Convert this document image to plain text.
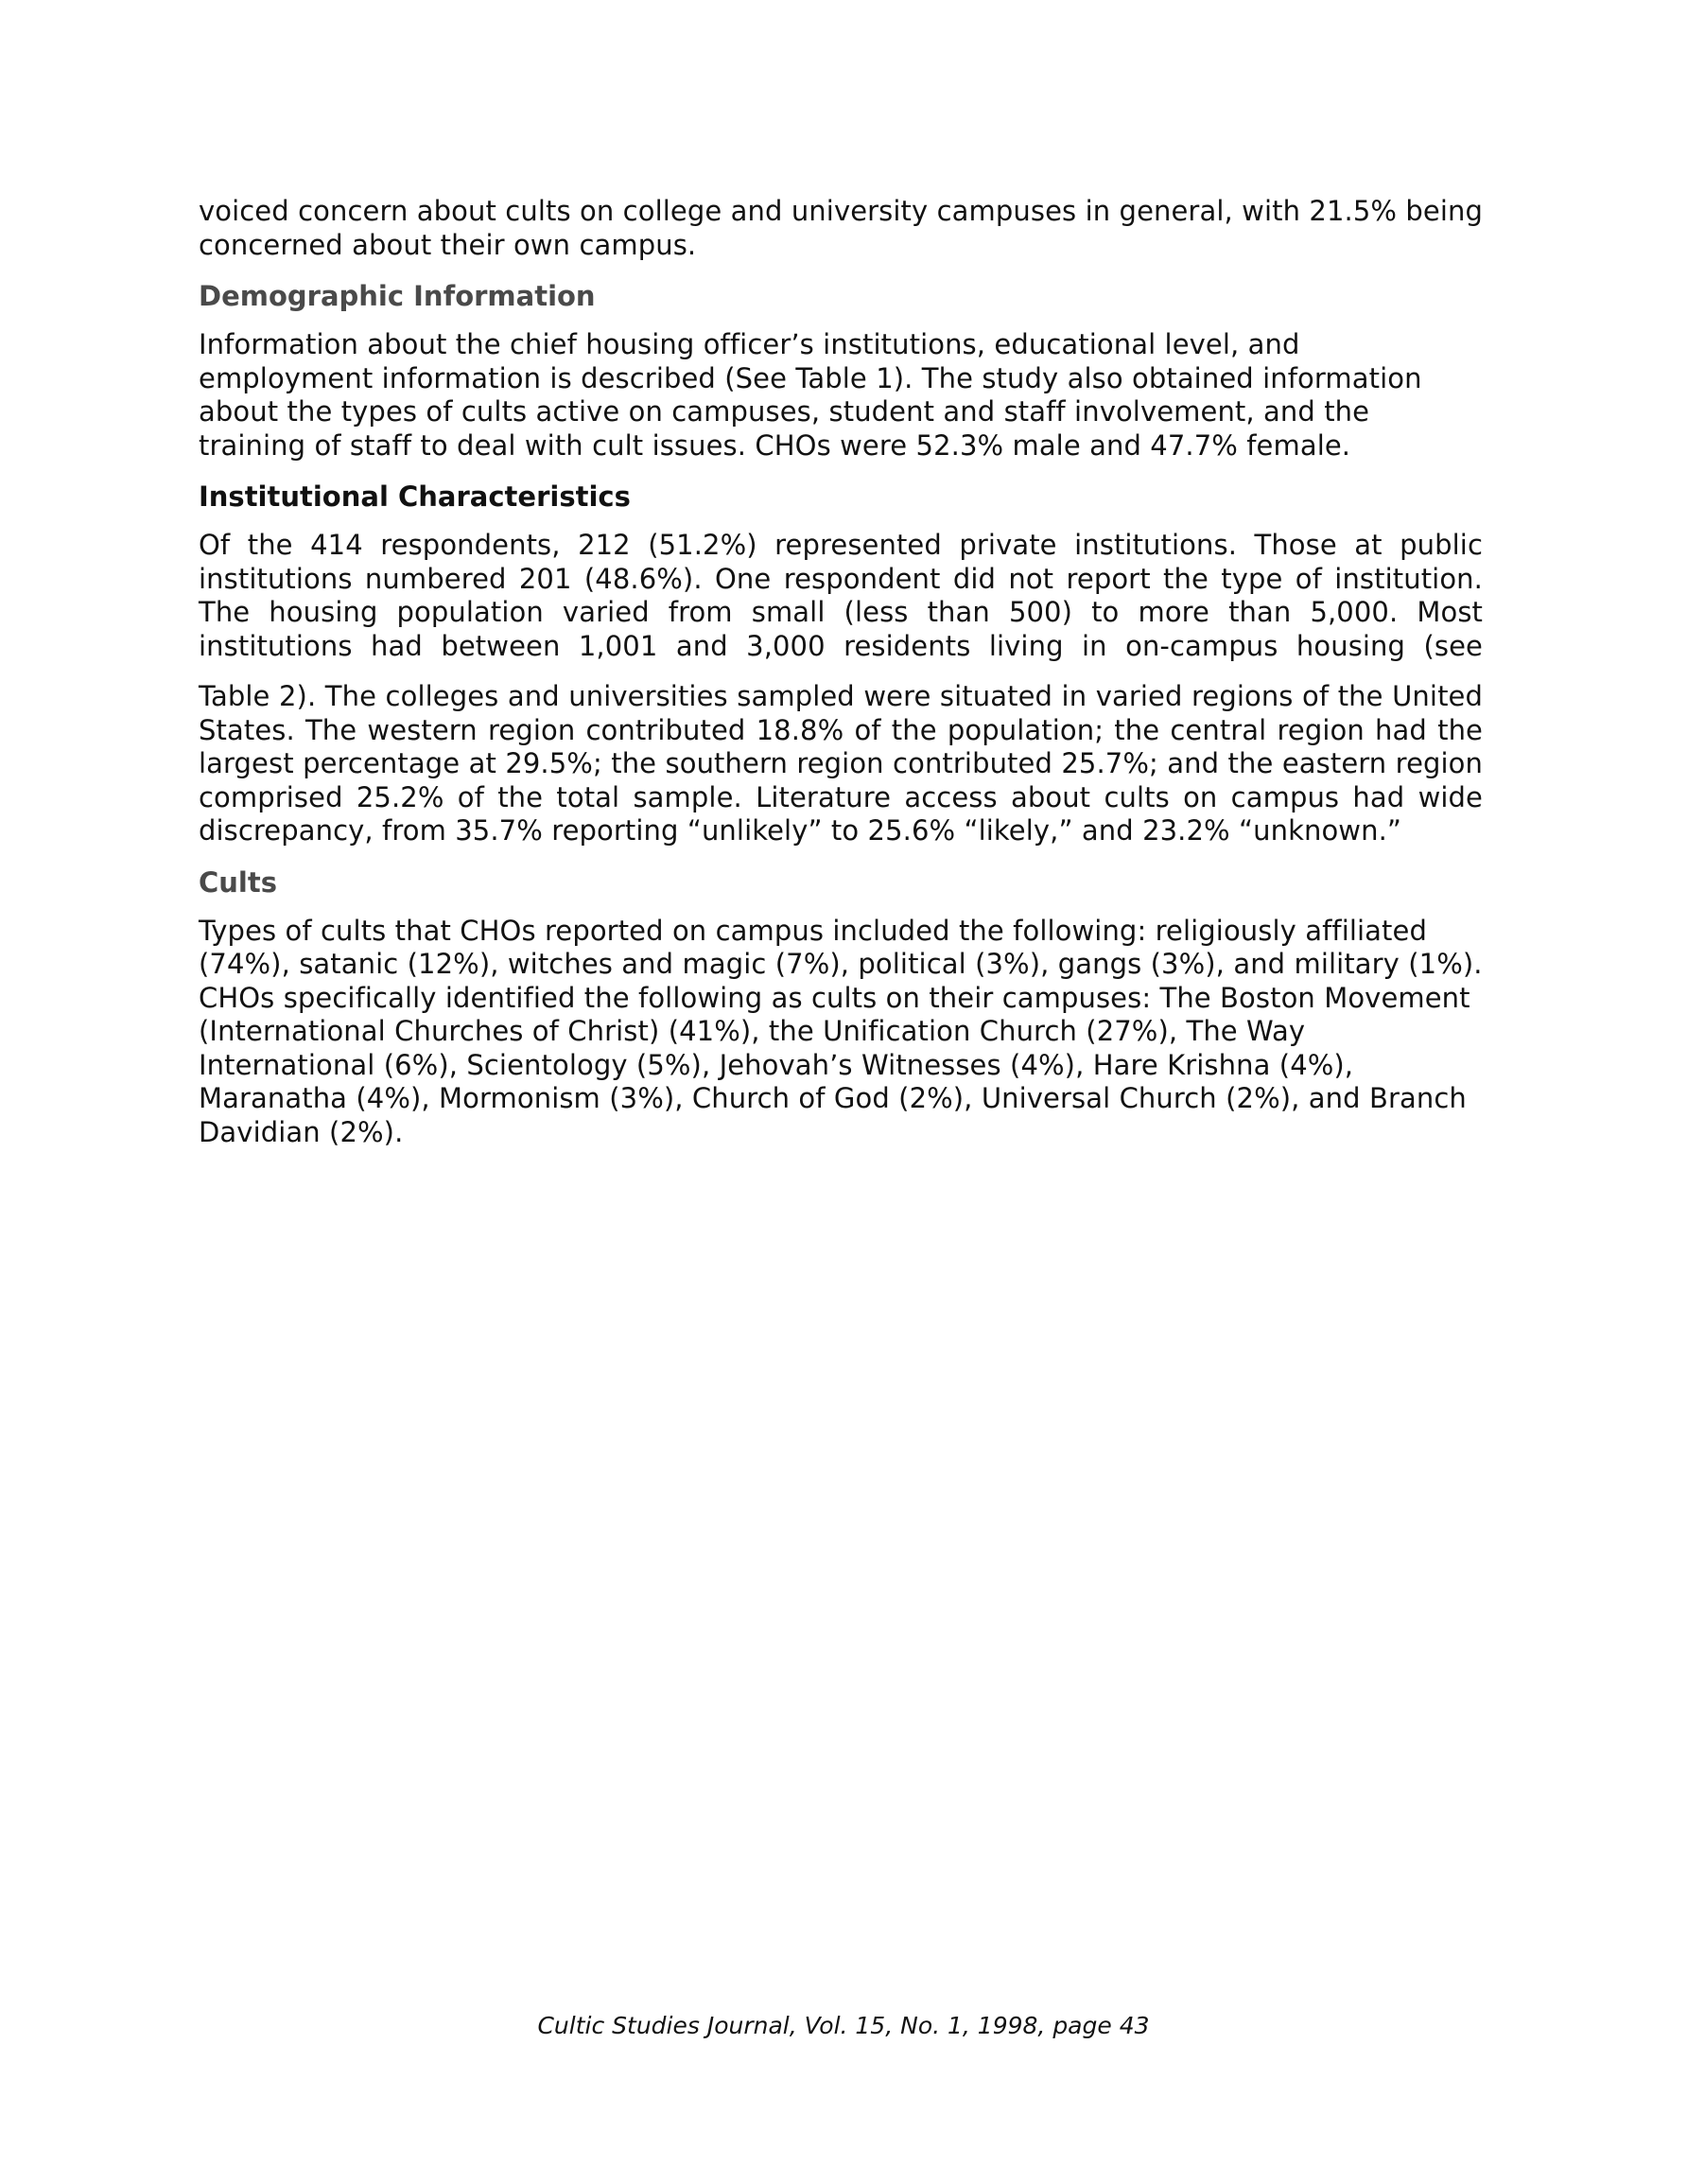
voiced concern about cults on college and university campuses in general, with 21.5% being concerned about their own campus.

Demographic Information

Information about the chief housing officer’s institutions, educational level, and employment information is described (See Table 1). The study also obtained information about the types of cults active on campuses, student and staff involvement, and the training of staff to deal with cult issues. CHOs were 52.3% male and 47.7% female.

Institutional Characteristics

Of the 414 respondents, 212 (51.2%) represented private institutions. Those at public institutions numbered 201 (48.6%). One respondent did not report the type of institution. The housing population varied from small (less than 500) to more than 5,000. Most institutions had between 1,001 and 3,000 residents living in on-campus housing (see

Table 2). The colleges and universities sampled were situated in varied regions of the United States. The western region contributed 18.8% of the population; the central region had the largest percentage at 29.5%; the southern region contributed 25.7%; and the eastern region comprised 25.2% of the total sample. Literature access about cults on campus had wide discrepancy, from 35.7% reporting “unlikely” to 25.6% “likely,” and 23.2% “unknown.”

Cults

Types of cults that CHOs reported on campus included the following: religiously affiliated (74%), satanic (12%), witches and magic (7%), political (3%), gangs (3%), and military (1%). CHOs specifically identified the following as cults on their campuses: The Boston Movement (International Churches of Christ) (41%), the Unification Church (27%), The Way International (6%), Scientology (5%), Jehovah’s Witnesses (4%), Hare Krishna (4%), Maranatha (4%), Mormonism (3%), Church of God (2%), Universal Church (2%), and Branch Davidian (2%).

Cultic Studies Journal, Vol. 15, No. 1, 1998, page 43
